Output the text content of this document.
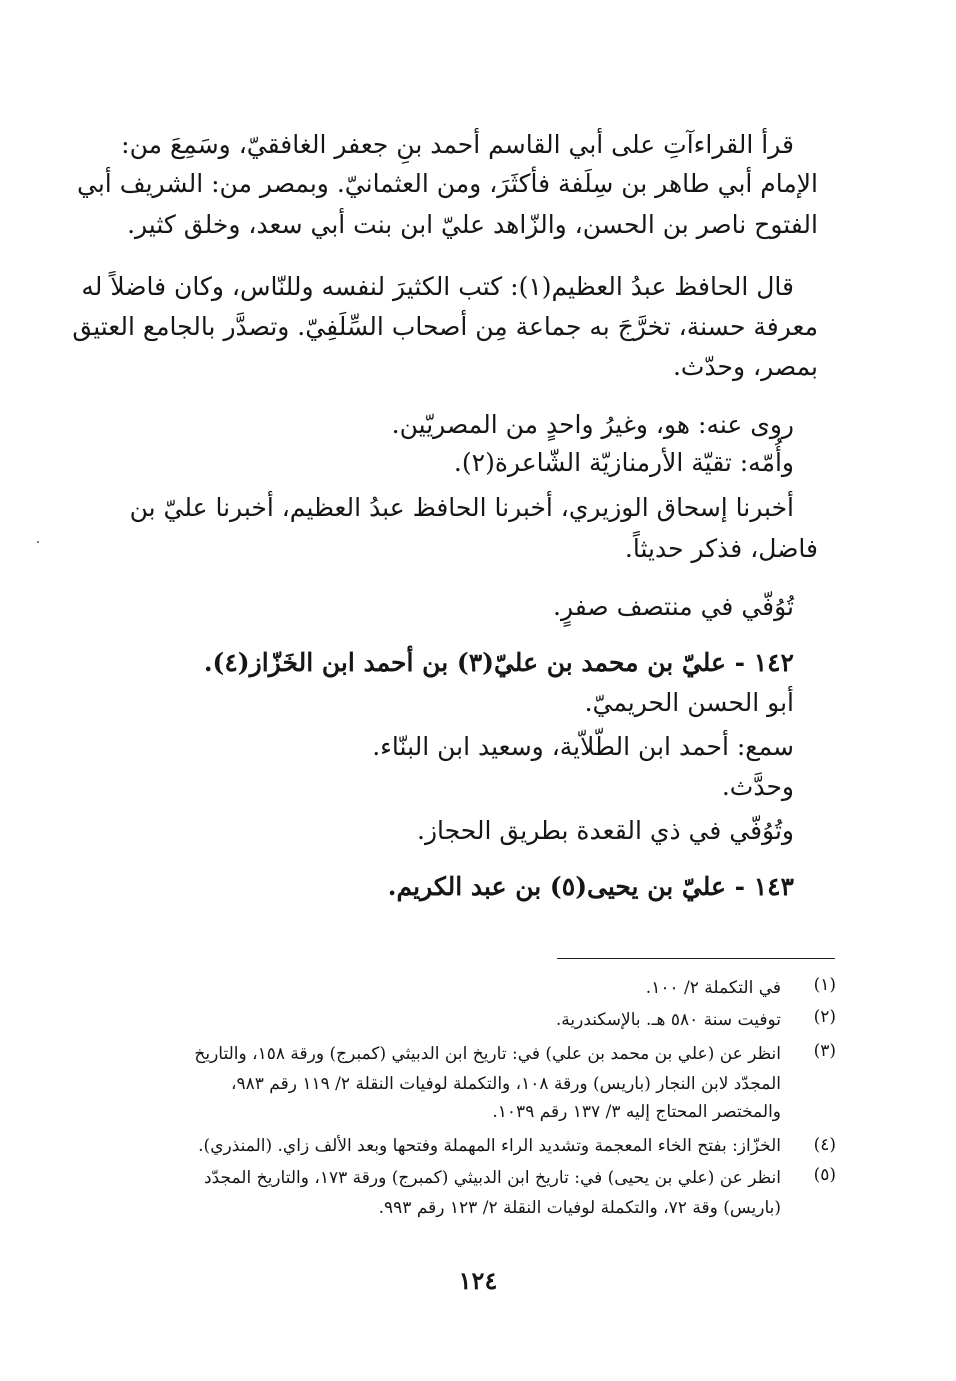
قرأ القراءآتِ على أبي القاسم أحمد بنِ جعفر الغافقيّ، وسَمِعَ من:
الإمام أبي طاهر بن سِلَفة فأكثَرَ، ومن العثمانيّ. وبمصر من: الشريف أبي
الفتوح ناصر بن الحسن، والزّاهد عليّ ابن بنت أبي سعد، وخلق كثير.
قال الحافظ عبدُ العظيم(١): كتب الكثيرَ لنفسه وللنّاس، وكان فاضلاً له
معرفة حسنة، تخرَّجَ به جماعة مِن أصحاب السِّلَفِيّ. وتصدَّر بالجامع العتيق
بمصر، وحدّث.
روى عنه: هو، وغيرُ واحدٍ من المصريّين.
وأُمّه: تقيّة الأرمنازيّة الشّاعرة(٢).
أخبرنا إسحاق الوزيري، أخبرنا الحافظ عبدُ العظيم، أخبرنا عليّ بن
فاضل، فذكر حديثاً.
تُوُفّي في منتصف صفرٍ.
١٤٢ - عليّ بن محمد بن عليّ(٣) بن أحمد ابن الخَزّاز(٤).
أبو الحسن الحريميّ.
سمع: أحمد ابن الطّلاّية، وسعيد ابن البنّاء.
وحدَّث.
وتُوُفّي في ذي القعدة بطريق الحجاز.
١٤٣ - عليّ بن يحيى(٥) بن عبد الكريم.
(١)
في التكملة ٢/ ١٠٠.
(٢)
توفيت سنة ٥٨٠ هـ. بالإسكندرية.
(٣)
انظر عن (علي بن محمد بن علي) في: تاريخ ابن الدبيثي (كمبرج) ورقة ١٥٨، والتاريخ
المجدّد لابن النجار (باريس) ورقة ١٠٨، والتكملة لوفيات النقلة ٢/ ١١٩ رقم ٩٨٣،
والمختصر المحتاج إليه ٣/ ١٣٧ رقم ١٠٣٩.
(٤)
الخزّاز: بفتح الخاء المعجمة وتشديد الراء المهملة وفتحها وبعد الألف زاي. (المنذري).
(٥)
انظر عن (علي بن يحيى) في: تاريخ ابن الدبيثي (كمبرج) ورقة ١٧٣، والتاريخ المجدّد
(باريس) وقة ٧٢، والتكملة لوفيات النقلة ٢/ ١٢٣ رقم ٩٩٣.
١٢٤
